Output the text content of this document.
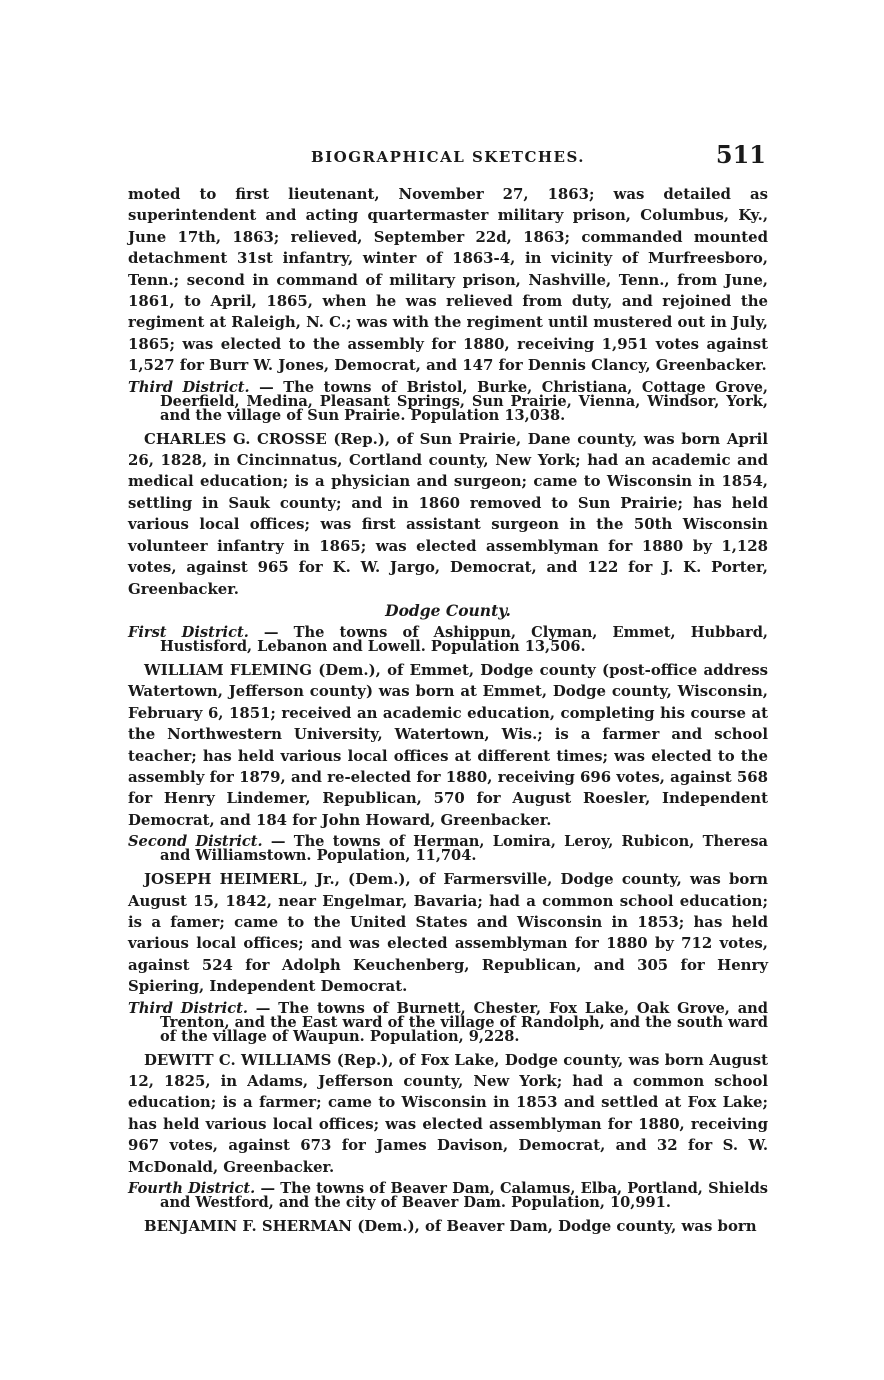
BIOGRAPHICAL SKETCHES.	511

moted to first lieutenant, November 27, 1863; was detailed as superintendent and acting quartermaster military prison, Columbus, Ky., June 17th, 1863; relieved, September 22d, 1863; commanded mounted detachment 31st infantry, winter of 1863-4, in vicinity of Murfreesboro, Tenn.; second in command of military prison, Nashville, Tenn., from June, 1861, to April, 1865, when he was relieved from duty, and rejoined the regiment at Raleigh, N. C.; was with the regiment until mustered out in July, 1865; was elected to the assembly for 1880, receiving 1,951 votes against 1,527 for Burr W. Jones, Democrat, and 147 for Dennis Clancy, Greenbacker.

Third District. — The towns of Bristol, Burke, Christiana, Cottage Grove, Deerfield, Medina, Pleasant Springs, Sun Prairie, Vienna, Windsor, York, and the village of Sun Prairie. Population 13,038.

CHARLES G. CROSSE (Rep.), of Sun Prairie, Dane county, was born April 26, 1828, in Cincinnatus, Cortland county, New York; had an academic and medical education; is a physician and surgeon; came to Wisconsin in 1854, settling in Sauk county; and in 1860 removed to Sun Prairie; has held various local offices; was first assistant surgeon in the 50th Wisconsin volunteer infantry in 1865; was elected assemblyman for 1880 by 1,128 votes, against 965 for K. W. Jargo, Democrat, and 122 for J. K. Porter, Greenbacker.

Dodge County.
First District. — The towns of Ashippun, Clyman, Emmet, Hubbard, Hustisford, Lebanon and Lowell. Population 13,506.

WILLIAM FLEMING (Dem.), of Emmet, Dodge county (post-office address Watertown, Jefferson county) was born at Emmet, Dodge county, Wisconsin, February 6, 1851; received an academic education, completing his course at the Northwestern University, Watertown, Wis.; is a farmer and school teacher; has held various local offices at different times; was elected to the assembly for 1879, and re-elected for 1880, receiving 696 votes, against 568 for Henry Lindemer, Republican, 570 for August Roesler, Independent Democrat, and 184 for John Howard, Greenbacker.

Second District. — The towns of Herman, Lomira, Leroy, Rubicon, Theresa and Williamstown. Population, 11,704.

JOSEPH HEIMERL, Jr., (Dem.), of Farmersville, Dodge county, was born August 15, 1842, near Engelmar, Bavaria; had a common school education; is a famer; came to the United States and Wisconsin in 1853; has held various local offices; and was elected assemblyman for 1880 by 712 votes, against 524 for Adolph Keuchenberg, Republican, and 305 for Henry Spiering, Independent Democrat.

Third District. — The towns of Burnett, Chester, Fox Lake, Oak Grove, and Trenton, and the East ward of the village of Randolph, and the south ward of the village of Waupun. Population, 9,228.

DEWITT C. WILLIAMS (Rep.), of Fox Lake, Dodge county, was born August 12, 1825, in Adams, Jefferson county, New York; had a common school education; is a farmer; came to Wisconsin in 1853 and settled at Fox Lake; has held various local offices; was elected assemblyman for 1880, receiving 967 votes, against 673 for James Davison, Democrat, and 32 for S. W. McDonald, Greenbacker.

Fourth District. — The towns of Beaver Dam, Calamus, Elba, Portland, Shields and Westford, and the city of Beaver Dam. Population, 10,991.

BENJAMIN F. SHERMAN (Dem.), of Beaver Dam, Dodge county, was born
